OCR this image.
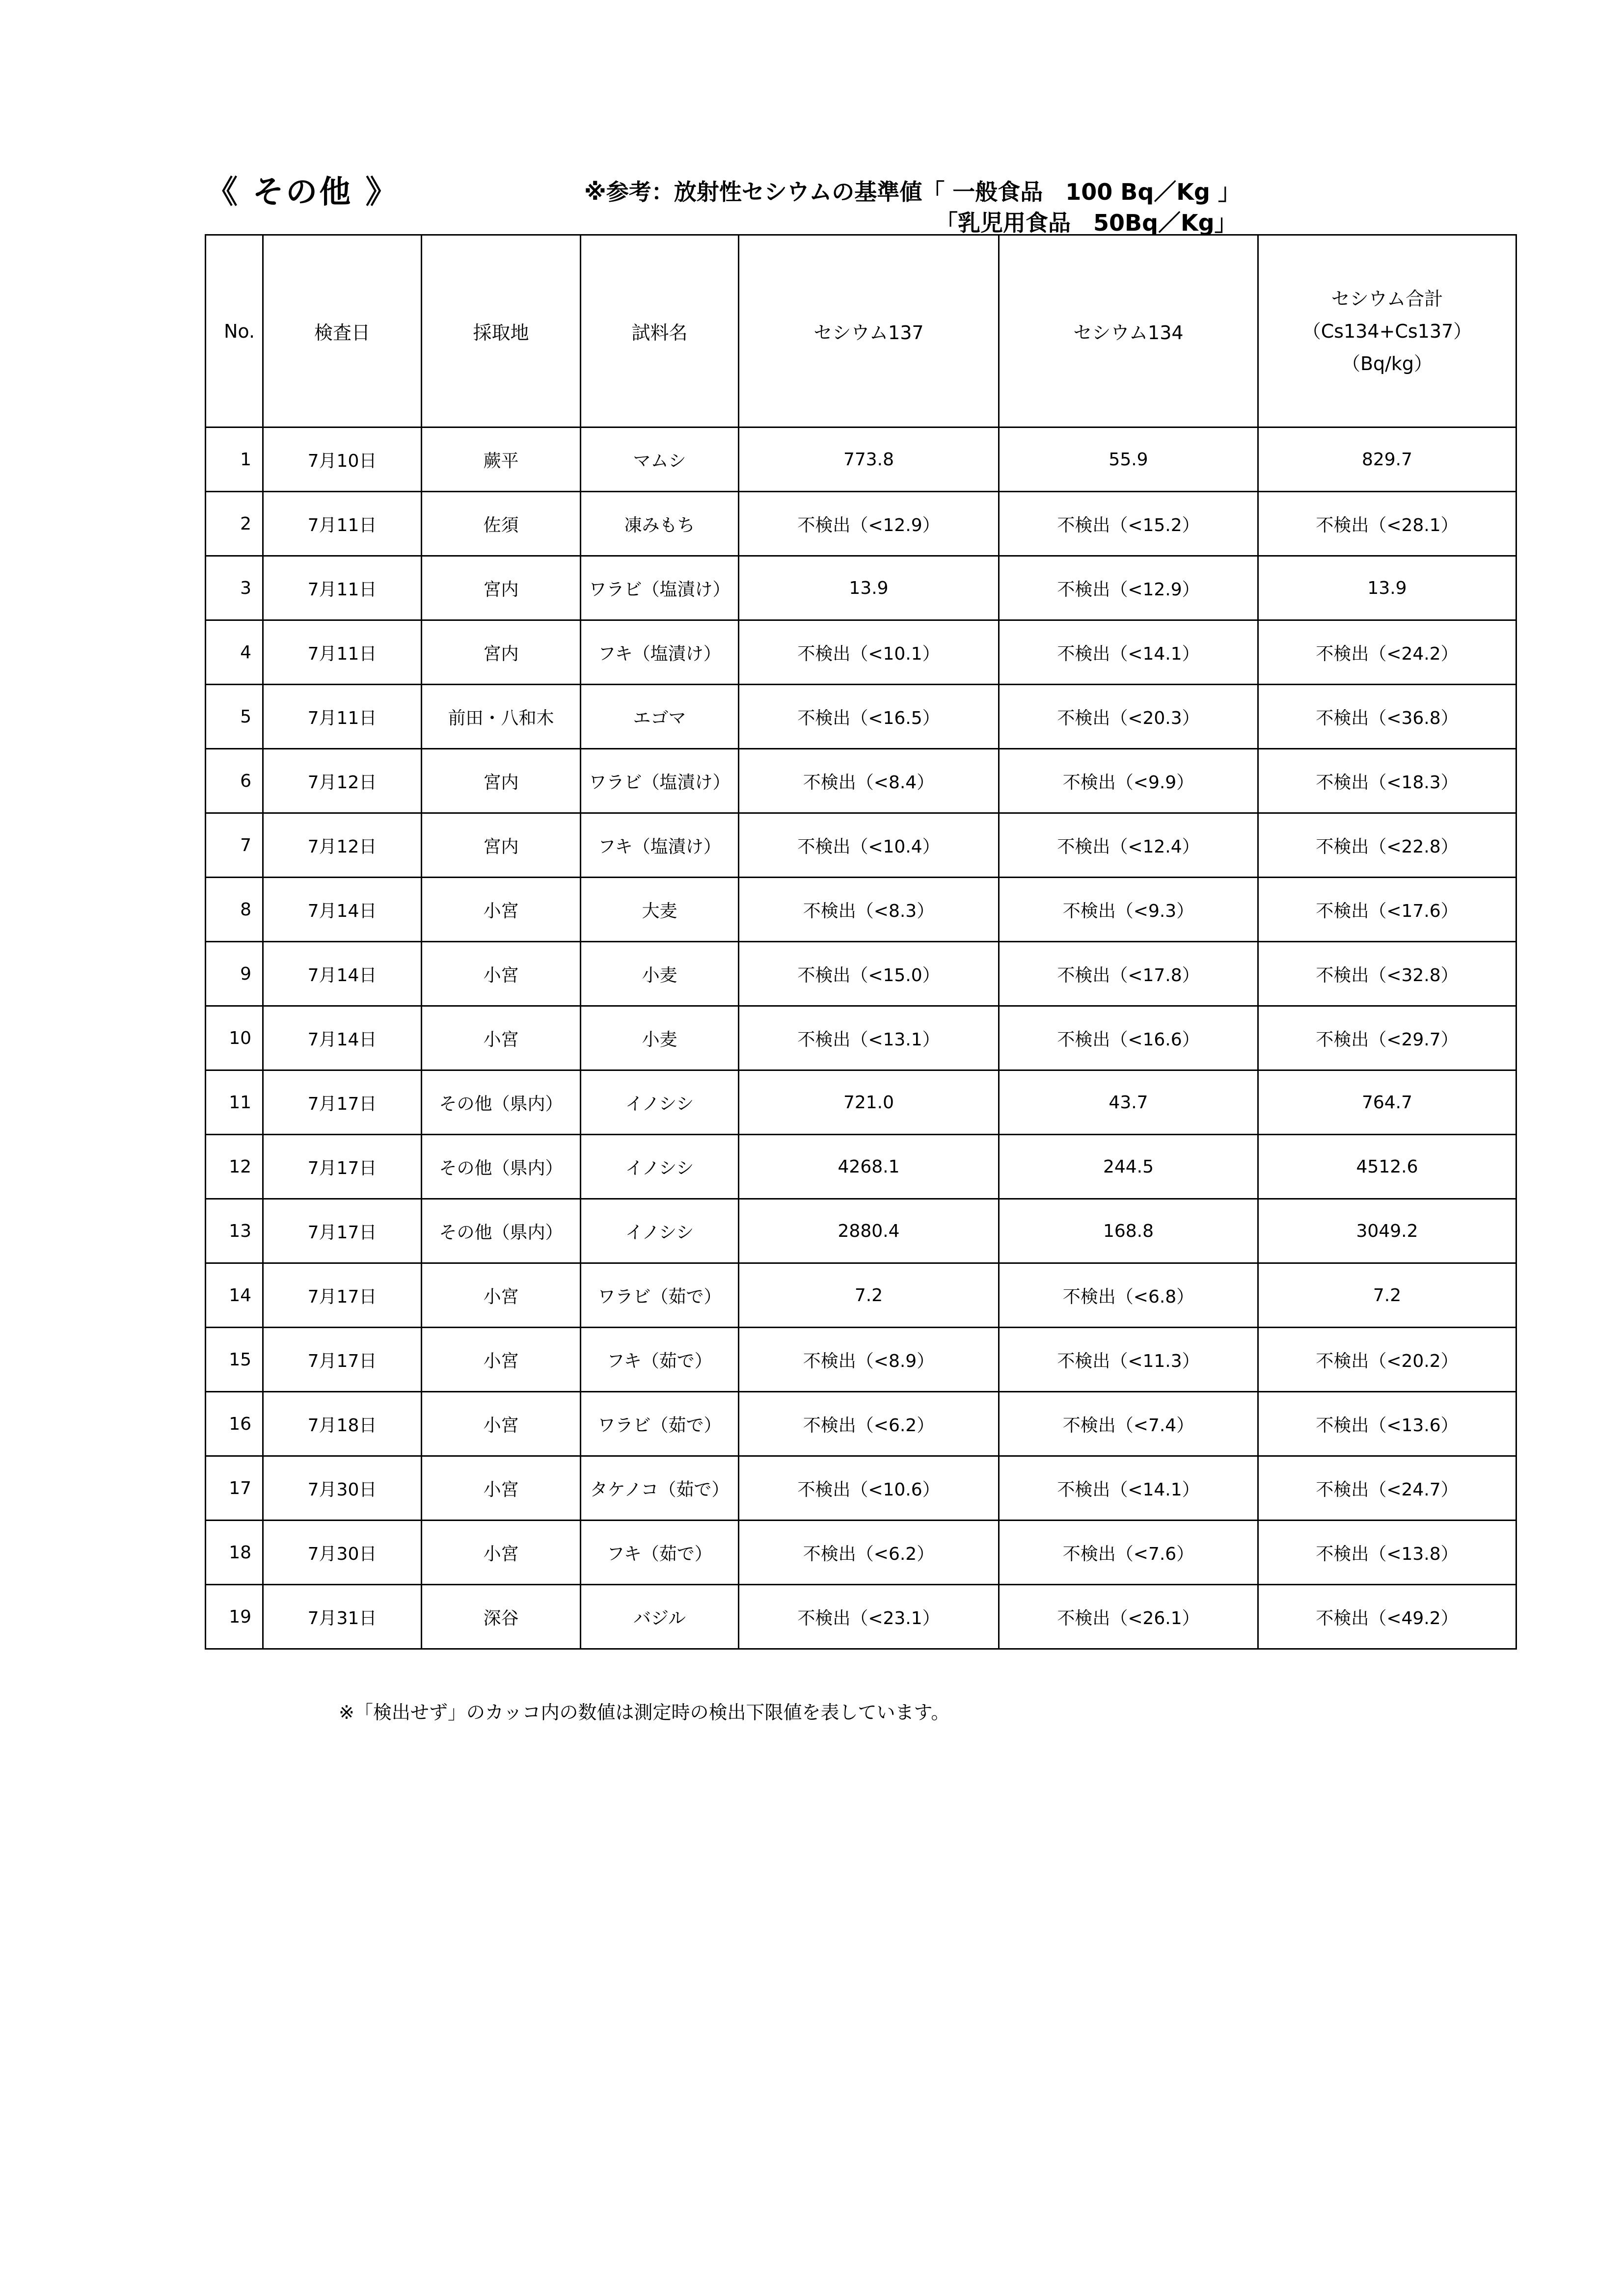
《 その他 》	※参考：放射性セシウムの基準値「 一般食品　100 Bq／Kg 」
「乳児用食品　50Bq／Kg」
No.	検査日	採取地	試料名	セシウム137	セシウム134	セシウム合計
（Cs134+Cs137）
（Bq/kg）

1	7月10日	蕨平	マムシ	773.8	55.9	829.7
2	7月11日	佐須	凍みもち	不検出（<12.9）	不検出（<15.2）	不検出（<28.1）
3	7月11日	宮内	ワラビ（塩漬け）	13.9	不検出（<12.9）	13.9
4	7月11日	宮内	フキ（塩漬け）	不検出（<10.1）	不検出（<14.1）	不検出（<24.2）
5	7月11日	前田・八和木	エゴマ	不検出（<16.5）	不検出（<20.3）	不検出（<36.8）
6	7月12日	宮内	ワラビ（塩漬け）	不検出（<8.4）	不検出（<9.9）	不検出（<18.3）
7	7月12日	宮内	フキ（塩漬け）	不検出（<10.4）	不検出（<12.4）	不検出（<22.8）
8	7月14日	小宮	大麦	不検出（<8.3）	不検出（<9.3）	不検出（<17.6）
9	7月14日	小宮	小麦	不検出（<15.0）	不検出（<17.8）	不検出（<32.8）
10	7月14日	小宮	小麦	不検出（<13.1）	不検出（<16.6）	不検出（<29.7）
11	7月17日	その他（県内）	イノシシ	721.0	43.7	764.7
12	7月17日	その他（県内）	イノシシ	4268.1	244.5	4512.6
13	7月17日	その他（県内）	イノシシ	2880.4	168.8	3049.2
14	7月17日	小宮	ワラビ（茹で）	7.2	不検出（<6.8）	7.2
15	7月17日	小宮	フキ（茹で）	不検出（<8.9）	不検出（<11.3）	不検出（<20.2）
16	7月18日	小宮	ワラビ（茹で）	不検出（<6.2）	不検出（<7.4）	不検出（<13.6）
17	7月30日	小宮	タケノコ（茹で）	不検出（<10.6）	不検出（<14.1）	不検出（<24.7）
18	7月30日	小宮	フキ（茹で）	不検出（<6.2）	不検出（<7.6）	不検出（<13.8）
19	7月31日	深谷	バジル	不検出（<23.1）	不検出（<26.1）	不検出（<49.2）
※「検出せず」のカッコ内の数値は測定時の検出下限値を表しています。
